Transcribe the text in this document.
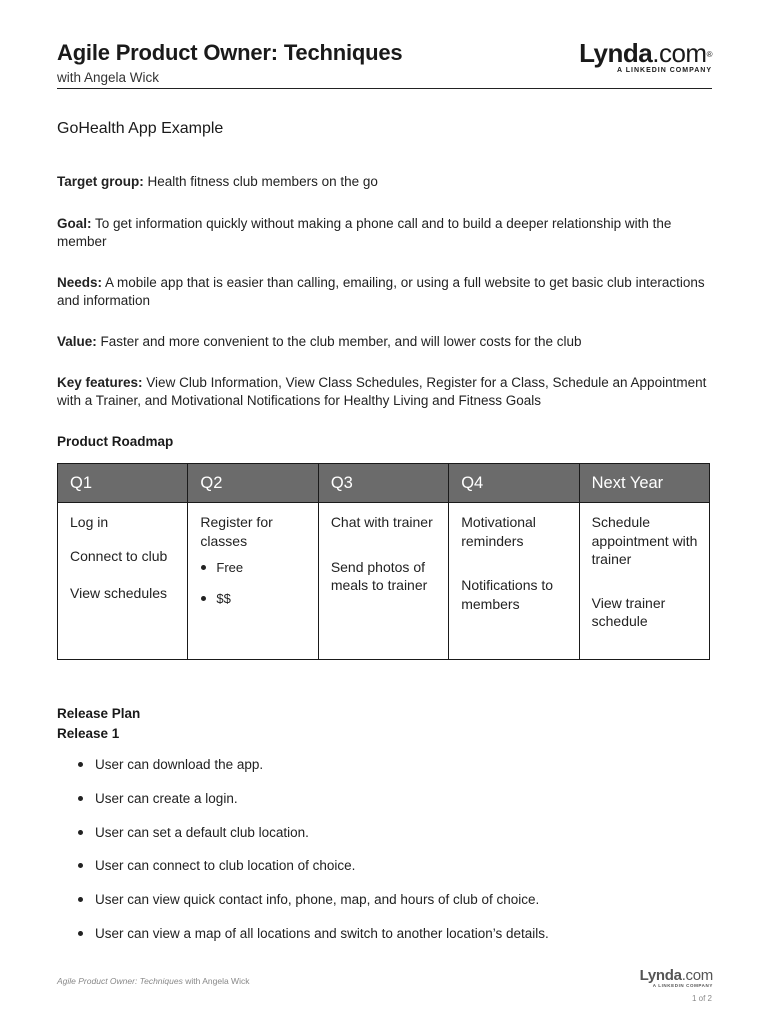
Agile Product Owner: Techniques
with Angela Wick
Lynda.com®
A LINKEDIN COMPANY
GoHealth App Example
Target group: Health fitness club members on the go
Goal: To get information quickly without making a phone call and to build a deeper relationship with the member
Needs: A mobile app that is easier than calling, emailing, or using a full website to get basic club interactions and information
Value: Faster and more convenient to the club member, and will lower costs for the club
Key features: View Club Information, View Class Schedules, Register for a Class, Schedule an Appointment with a Trainer, and Motivational Notifications for Healthy Living and Fitness Goals
Product Roadmap
Q1
Log in
Connect to club
View schedules
Q2
Register for classes
Free
$$
Q3
Chat with trainer
Send photos of meals to trainer
Q4
Motivational reminders
Notifications to members
Next Year
Schedule appointment with trainer
View trainer schedule
Release Plan
Release 1
User can download the app.
User can create a login.
User can set a default club location.
User can connect to club location of choice.
User can view quick contact info, phone, map, and hours of club of choice.
User can view a map of all locations and switch to another location’s details.
Agile Product Owner: Techniques with Angela Wick	Lynda.com
A LINKEDIN COMPANY
1 of 2
